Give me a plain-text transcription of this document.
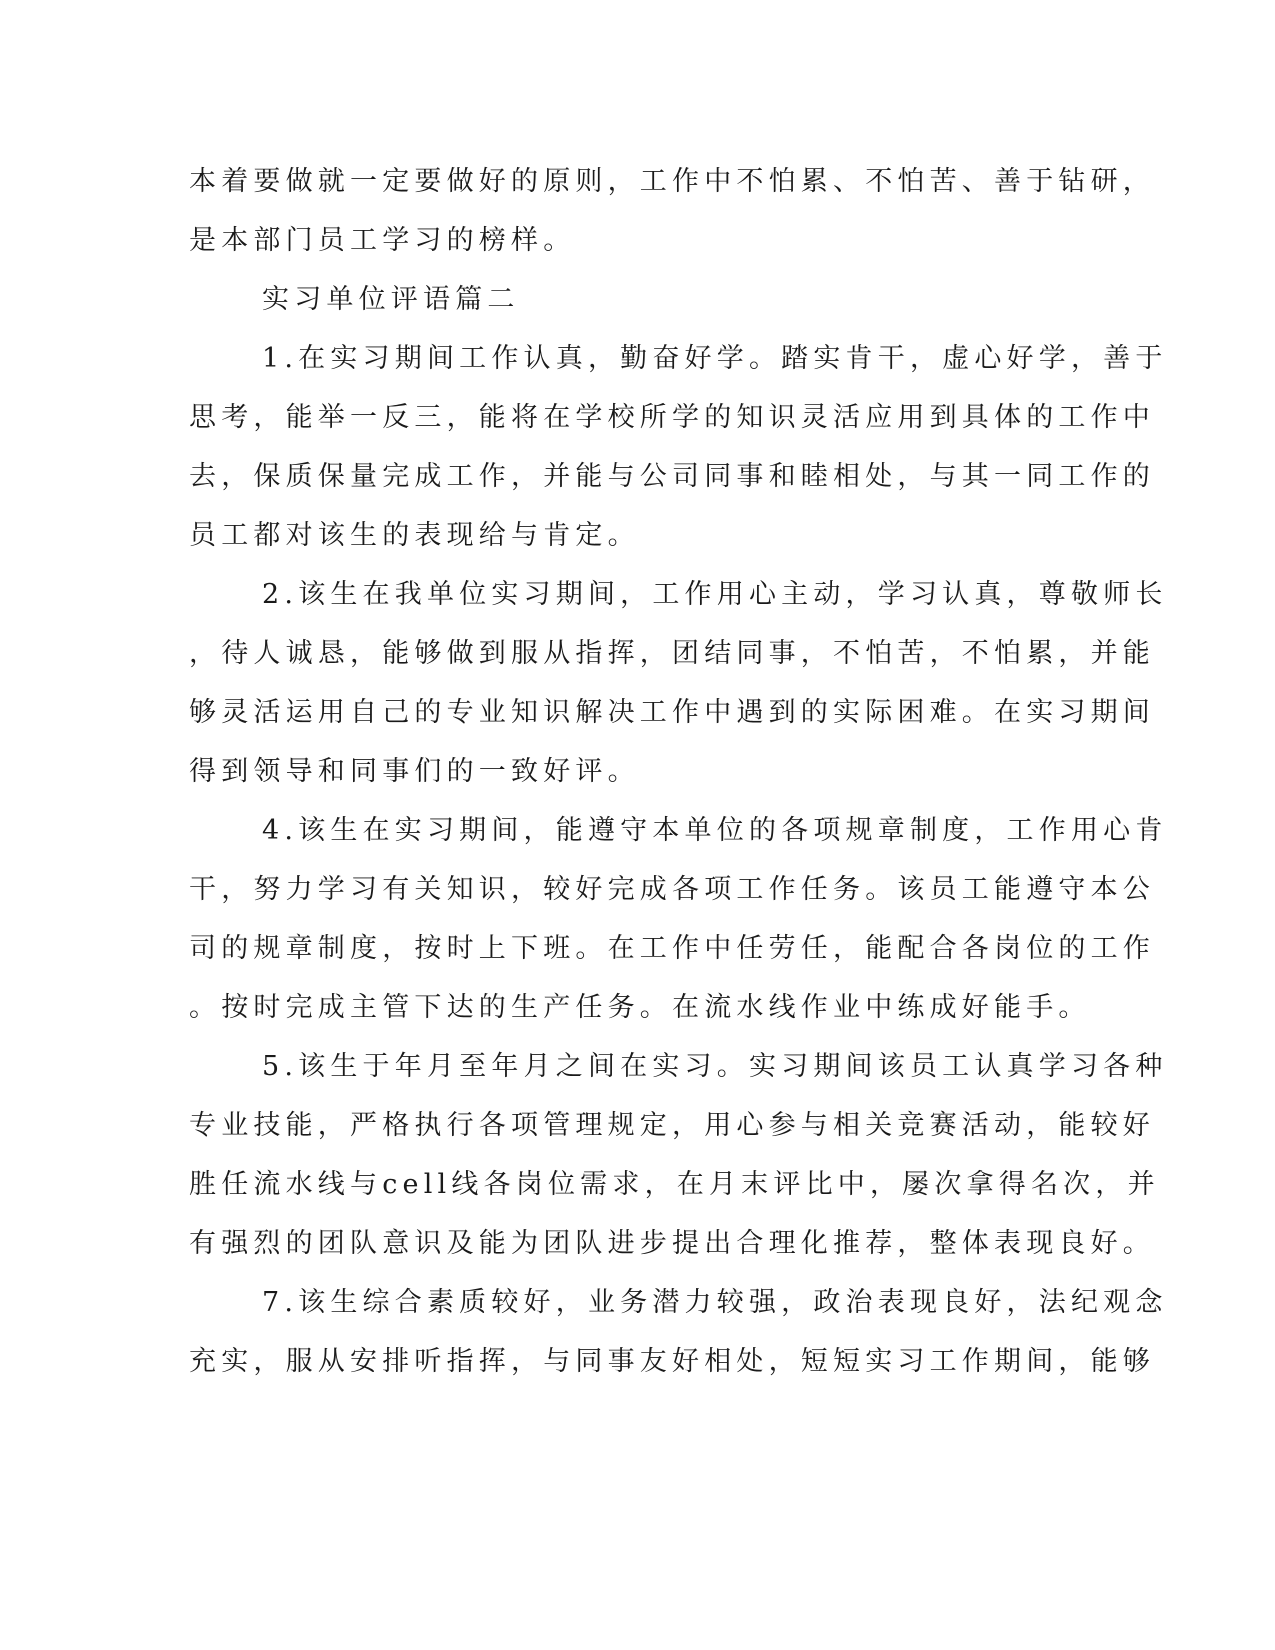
本着要做就一定要做好的原则，工作中不怕累、不怕苦、善于钻研，
是本部门员工学习的榜样。
实习单位评语篇二
1.在实习期间工作认真，勤奋好学。踏实肯干，虚心好学，善于
思考，能举一反三，能将在学校所学的知识灵活应用到具体的工作中
去，保质保量完成工作，并能与公司同事和睦相处，与其一同工作的
员工都对该生的表现给与肯定。
2.该生在我单位实习期间，工作用心主动，学习认真，尊敬师长
，待人诚恳，能够做到服从指挥，团结同事，不怕苦，不怕累，并能
够灵活运用自己的专业知识解决工作中遇到的实际困难。在实习期间
得到领导和同事们的一致好评。
4.该生在实习期间，能遵守本单位的各项规章制度，工作用心肯
干，努力学习有关知识，较好完成各项工作任务。该员工能遵守本公
司的规章制度，按时上下班。在工作中任劳任，能配合各岗位的工作
。按时完成主管下达的生产任务。在流水线作业中练成好能手。
5.该生于年月至年月之间在实习。实习期间该员工认真学习各种
专业技能，严格执行各项管理规定，用心参与相关竞赛活动，能较好
胜任流水线与cell线各岗位需求，在月末评比中，屡次拿得名次，并
有强烈的团队意识及能为团队进步提出合理化推荐，整体表现良好。
7.该生综合素质较好，业务潜力较强，政治表现良好，法纪观念
充实，服从安排听指挥，与同事友好相处，短短实习工作期间，能够
